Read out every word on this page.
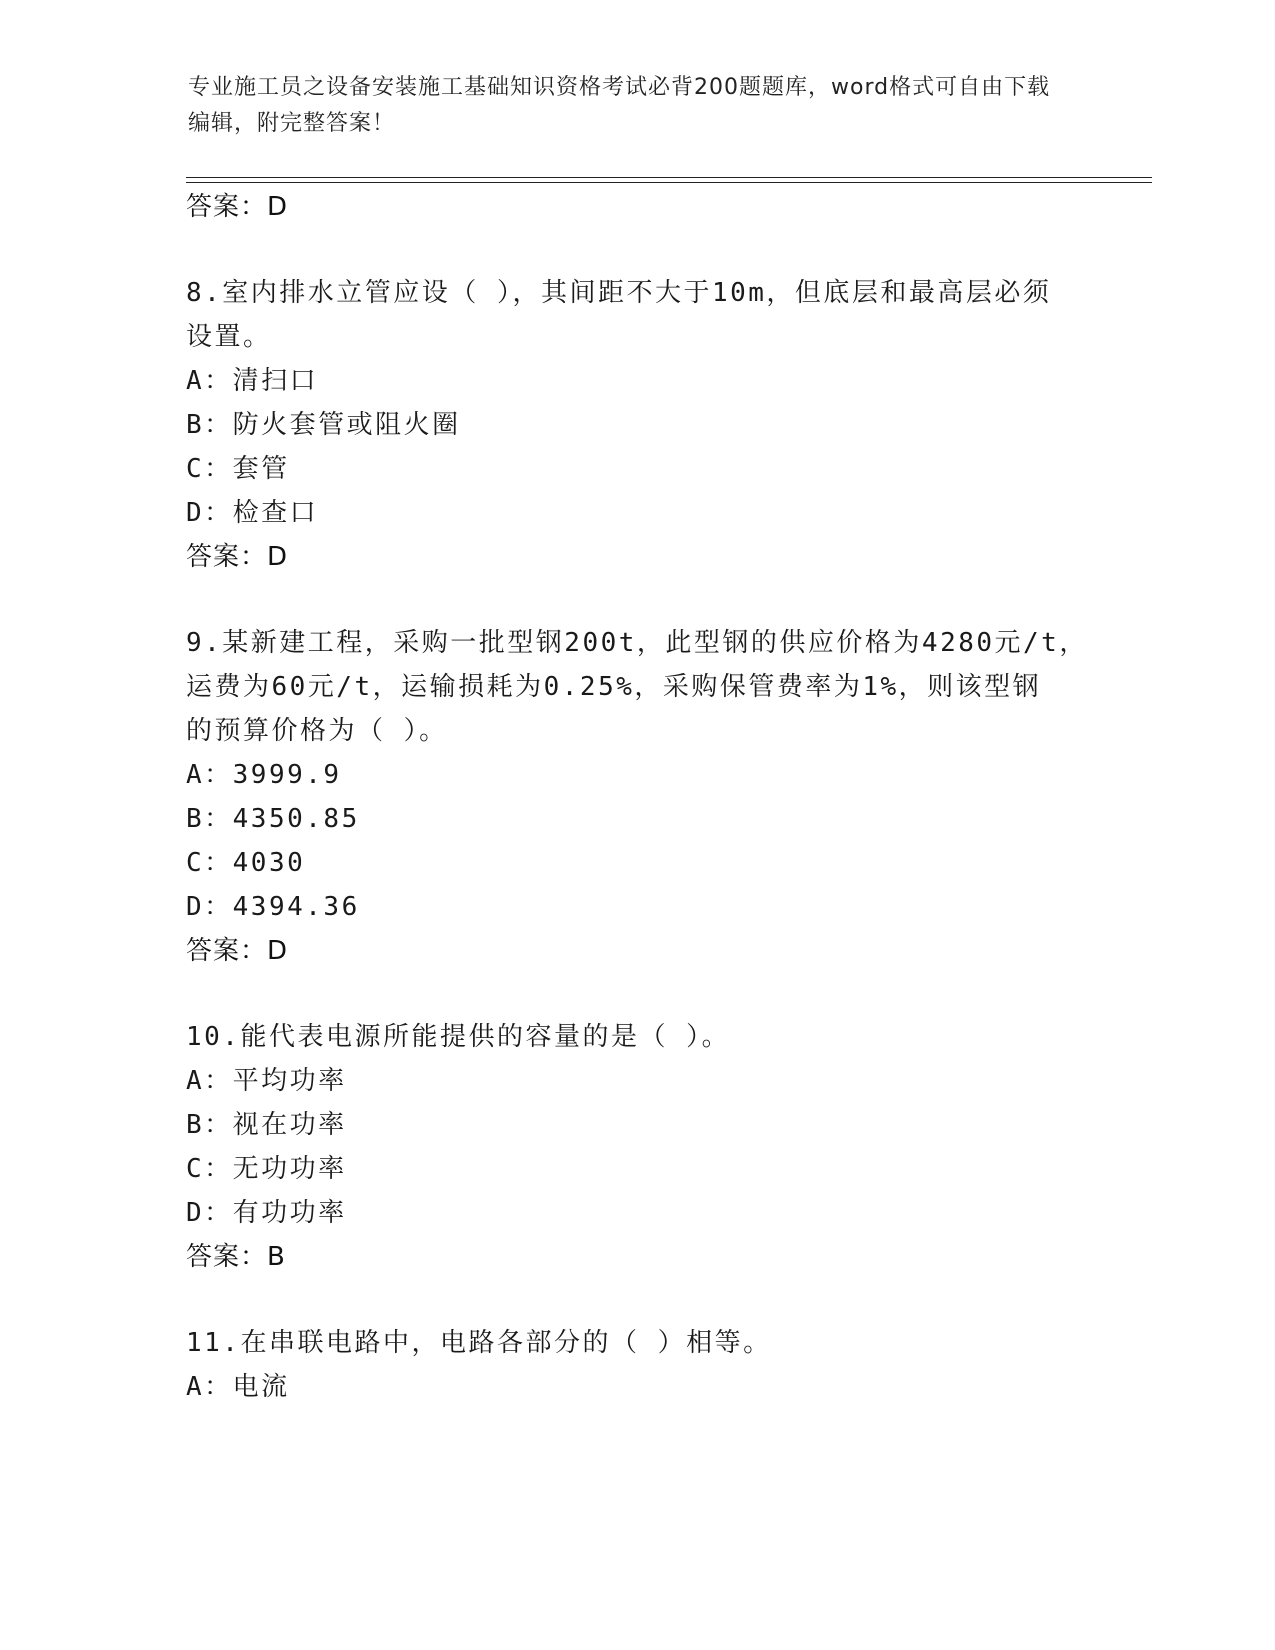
专业施工员之设备安装施工基础知识资格考试必背200题题库，word格式可自由下载编辑，附完整答案！
答案：D
8.室内排水立管应设（ ），其间距不大于10m，但底层和最高层必须
设置。
A：清扫口
B：防火套管或阻火圈
C：套管
D：检查口
答案：D
9.某新建工程，采购一批型钢200t，此型钢的供应价格为4280元/t，
运费为60元/t，运输损耗为0.25%，采购保管费率为1%，则该型钢
的预算价格为（ ）。
A：3999.9
B：4350.85
C：4030
D：4394.36
答案：D
10.能代表电源所能提供的容量的是（ ）。
A：平均功率
B：视在功率
C：无功功率
D：有功功率
答案：B
11.在串联电路中，电路各部分的（ ）相等。
A：电流
